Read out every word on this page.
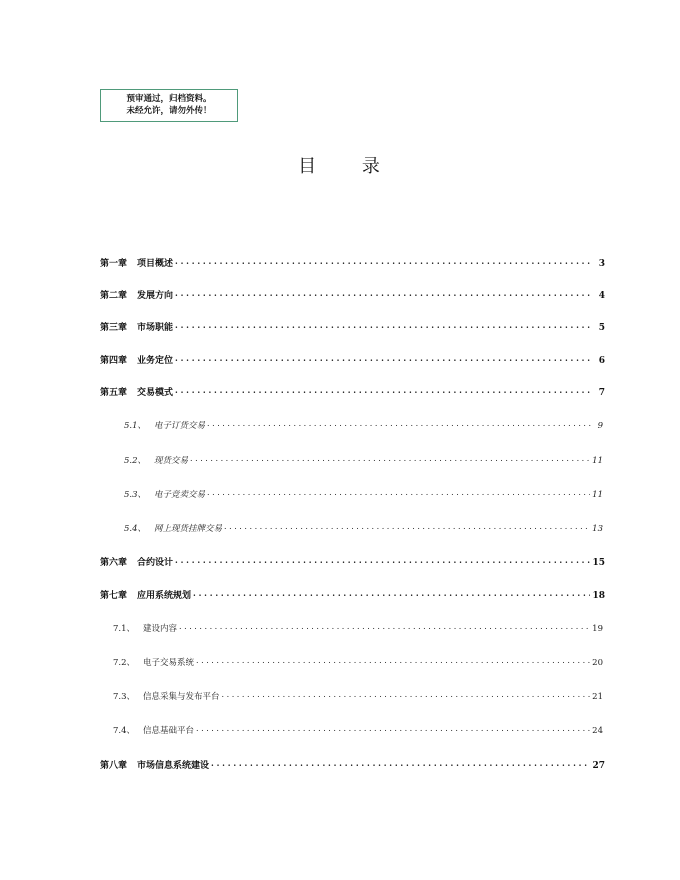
预审通过，归档资料。
未经允许，请勿外传！
目 录
第一章 项目概述 . . .	3
第二章 发展方向 . . .	4
第三章 市场职能 . . .	5
第四章 业务定位 . . .	6
第五章 交易模式 . . .	7
5.1、 电子订货交易 . . .	9
5.2、 现货交易 . . .	11
5.3、 电子竞卖交易 . . .	11
5.4、 网上现货挂牌交易 . . .	13
第六章 合约设计 . . .	15
第七章 应用系统规划 . . .	18
7.1、 建设内容 . . .	19
7.2、 电子交易系统 . . .	20
7.3、 信息采集与发布平台 . . .	21
7.4、 信息基础平台 . . .	24
第八章 市场信息系统建设 . . .	27
